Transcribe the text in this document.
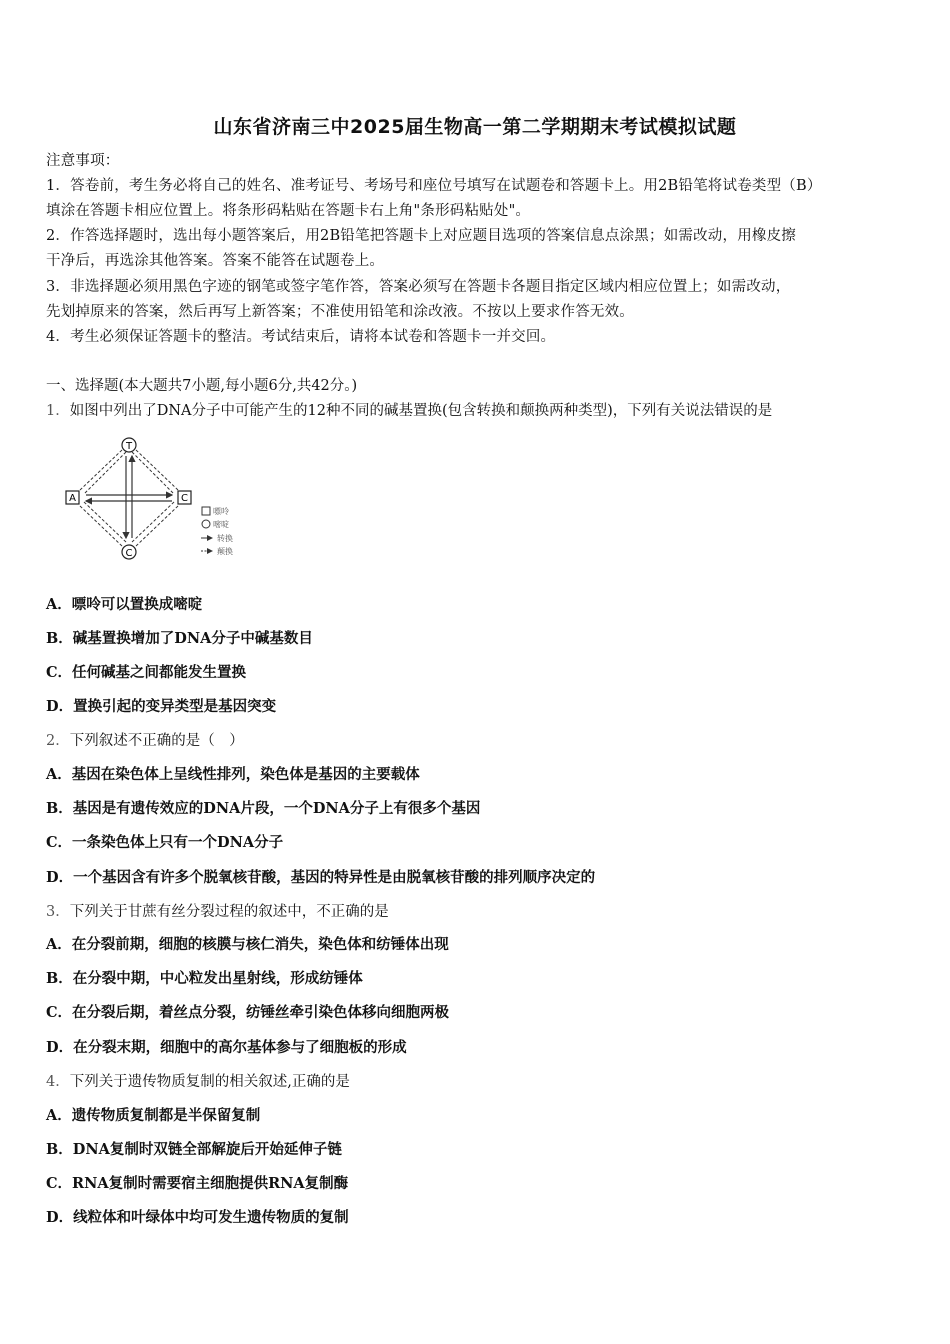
山东省济南三中2025届生物高一第二学期期末考试模拟试题
注意事项：
1．答卷前，考生务必将自己的姓名、准考证号、考场号和座位号填写在试题卷和答题卡上。用2B铅笔将试卷类型（B）
填涂在答题卡相应位置上。将条形码粘贴在答题卡右上角"条形码粘贴处"。
2．作答选择题时，选出每小题答案后，用2B铅笔把答题卡上对应题目选项的答案信息点涂黑；如需改动，用橡皮擦
干净后，再选涂其他答案。答案不能答在试题卷上。
3．非选择题必须用黑色字迹的钢笔或签字笔作答，答案必须写在答题卡各题目指定区域内相应位置上；如需改动，
先划掉原来的答案，然后再写上新答案；不准使用铅笔和涂改液。不按以上要求作答无效。
4．考生必须保证答题卡的整洁。考试结束后，请将本试卷和答题卡一并交回。
一、选择题(本大题共7小题,每小题6分,共42分。)
1．如图中列出了DNA分子中可能产生的12种不同的碱基置换(包含转换和颠换两种类型)，下列有关说法错误的是
T
A	C
C
嘌呤
嘧啶
转换
颠换
A．嘌呤可以置换成嘧啶
B．碱基置换增加了DNA分子中碱基数目
C．任何碱基之间都能发生置换
D．置换引起的变异类型是基因突变
2．下列叙述不正确的是（　）
A．基因在染色体上呈线性排列，染色体是基因的主要载体
B．基因是有遗传效应的DNA片段，一个DNA分子上有很多个基因
C．一条染色体上只有一个DNA分子
D．一个基因含有许多个脱氧核苷酸，基因的特异性是由脱氧核苷酸的排列顺序决定的
3．下列关于甘蔗有丝分裂过程的叙述中，不正确的是
A．在分裂前期，细胞的核膜与核仁消失，染色体和纺锤体出现
B．在分裂中期，中心粒发出星射线，形成纺锤体
C．在分裂后期，着丝点分裂，纺锤丝牵引染色体移向细胞两极
D．在分裂末期，细胞中的高尔基体参与了细胞板的形成
4．下列关于遗传物质复制的相关叙述,正确的是
A．遗传物质复制都是半保留复制
B．DNA复制时双链全部解旋后开始延伸子链
C．RNA复制时需要宿主细胞提供RNA复制酶
D．线粒体和叶绿体中均可发生遗传物质的复制
